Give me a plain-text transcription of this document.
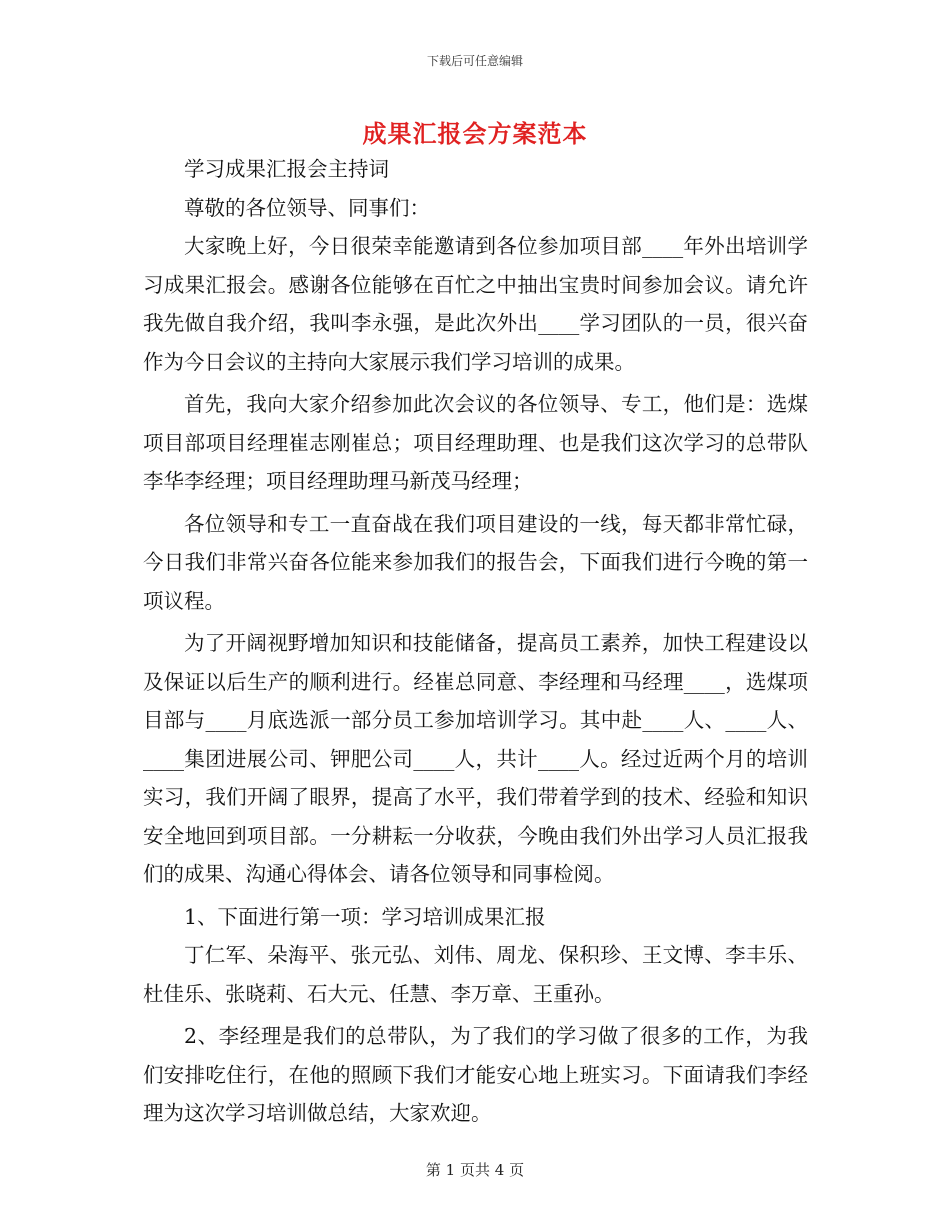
下载后可任意编辑
成果汇报会方案范本

学习成果汇报会主持词

尊敬的各位领导、同事们：

大家晚上好，今日很荣幸能邀请到各位参加项目部____年外出培训学习成果汇报会。感谢各位能够在百忙之中抽出宝贵时间参加会议。请允许我先做自我介绍，我叫李永强，是此次外出____学习团队的一员，很兴奋作为今日会议的主持向大家展示我们学习培训的成果。

首先，我向大家介绍参加此次会议的各位领导、专工，他们是：选煤项目部项目经理崔志刚崔总；项目经理助理、也是我们这次学习的总带队李华李经理；项目经理助理马新茂马经理；

各位领导和专工一直奋战在我们项目建设的一线，每天都非常忙碌，今日我们非常兴奋各位能来参加我们的报告会，下面我们进行今晚的第一项议程。

为了开阔视野增加知识和技能储备，提高员工素养，加快工程建设以及保证以后生产的顺利进行。经崔总同意、李经理和马经理____，选煤项目部与____月底选派一部分员工参加培训学习。其中赴____人、____人、____集团进展公司、钾肥公司____人，共计____人。经过近两个月的培训实习，我们开阔了眼界，提高了水平，我们带着学到的技术、经验和知识安全地回到项目部。一分耕耘一分收获，今晚由我们外出学习人员汇报我们的成果、沟通心得体会、请各位领导和同事检阅。

1、下面进行第一项：学习培训成果汇报

丁仁军、朵海平、张元弘、刘伟、周龙、保积珍、王文博、李丰乐、杜佳乐、张晓莉、石大元、任慧、李万章、王重孙。

2、李经理是我们的总带队，为了我们的学习做了很多的工作，为我们安排吃住行，在他的照顾下我们才能安心地上班实习。下面请我们李经理为这次学习培训做总结，大家欢迎。

第 1 页共 4 页
